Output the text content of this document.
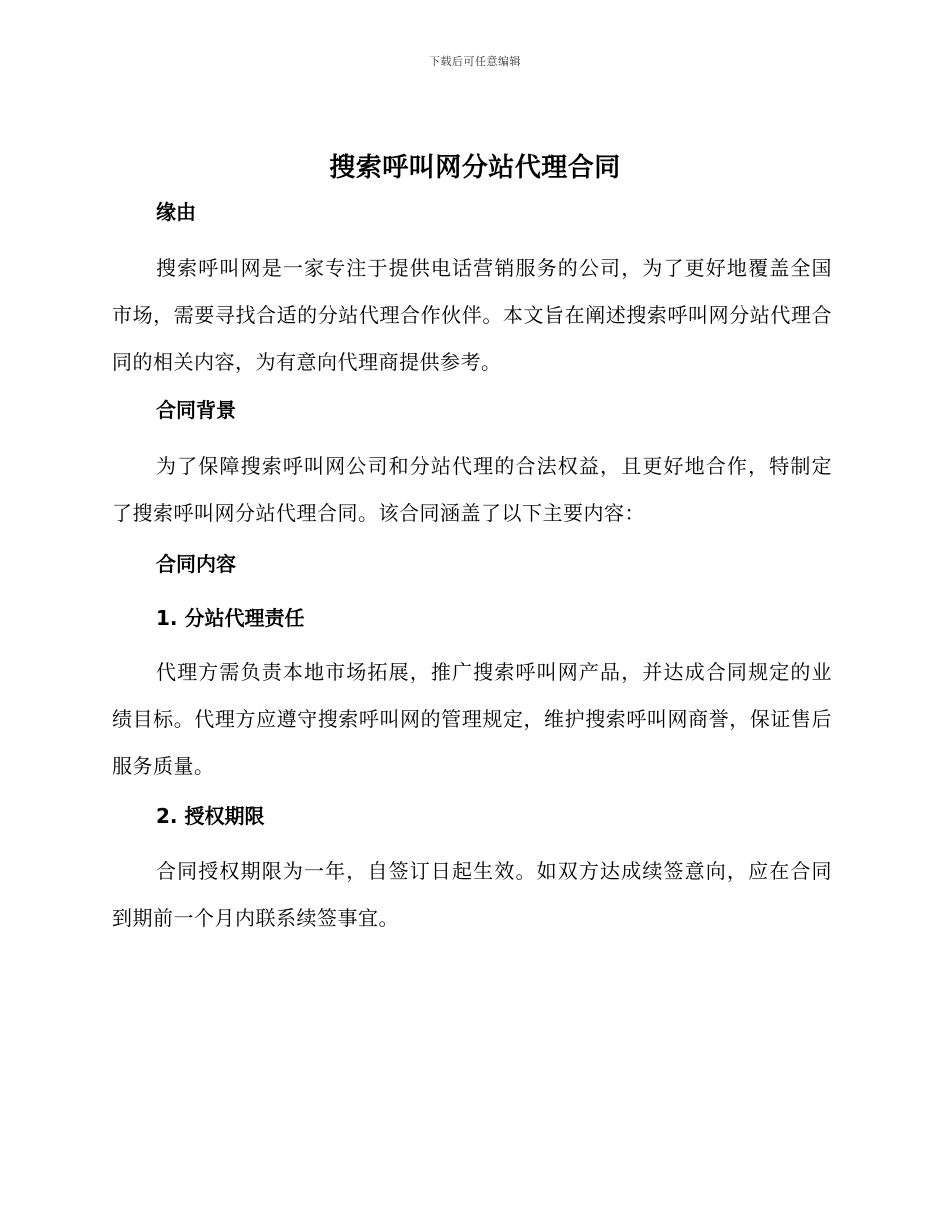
下载后可任意编辑
搜索呼叫网分站代理合同
缘由

搜索呼叫网是一家专注于提供电话营销服务的公司，为了更好地覆盖全国市场，需要寻找合适的分站代理合作伙伴。本文旨在阐述搜索呼叫网分站代理合同的相关内容，为有意向代理商提供参考。

合同背景

为了保障搜索呼叫网公司和分站代理的合法权益，且更好地合作，特制定了搜索呼叫网分站代理合同。该合同涵盖了以下主要内容：

合同内容
1. 分站代理责任

代理方需负责本地市场拓展，推广搜索呼叫网产品，并达成合同规定的业绩目标。代理方应遵守搜索呼叫网的管理规定，维护搜索呼叫网商誉，保证售后服务质量。

2. 授权期限

合同授权期限为一年，自签订日起生效。如双方达成续签意向，应在合同到期前一个月内联系续签事宜。
